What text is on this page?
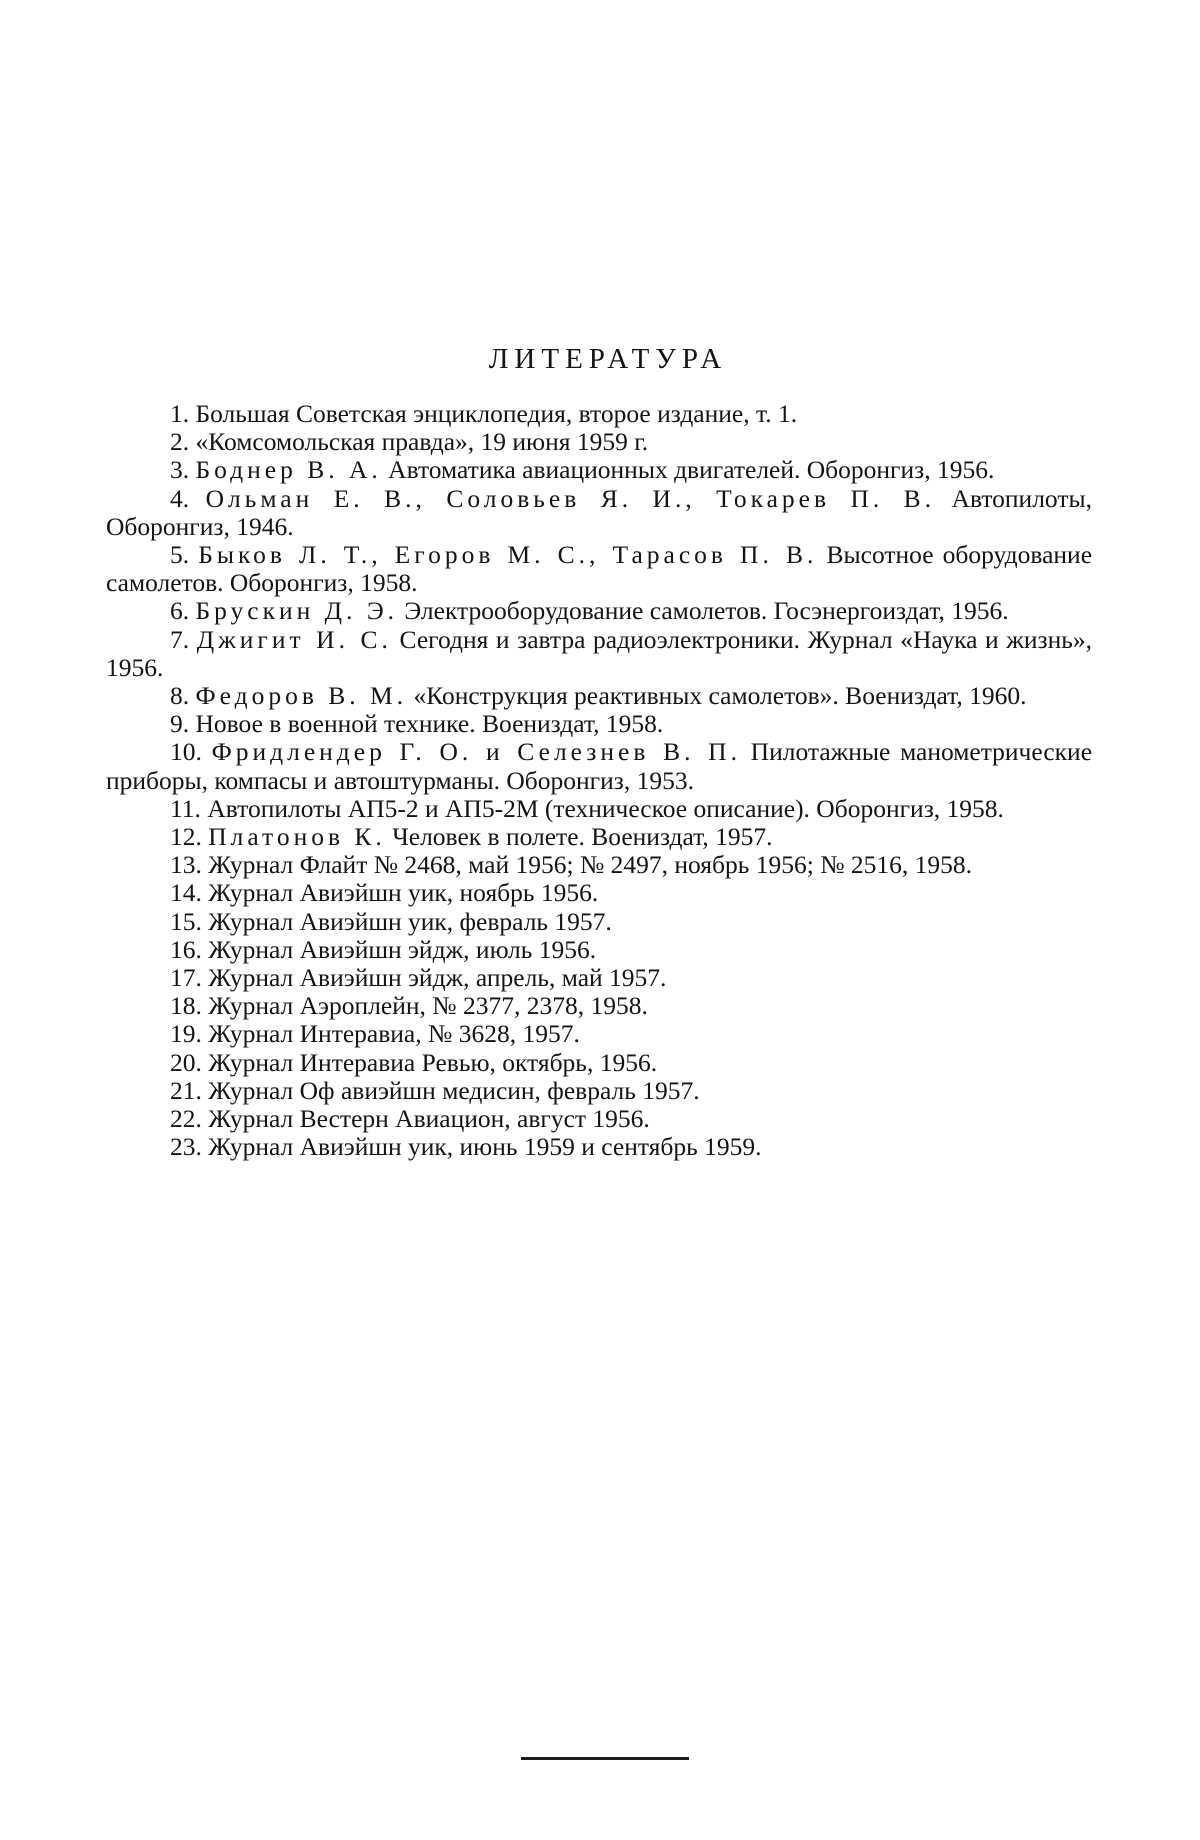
ЛИТЕРАТУРА
1. Большая Советская энциклопедия, второе издание, т. 1.
2. «Комсомольская правда», 19 июня 1959 г.
3. Боднер В. А. Автоматика авиационных двигателей. Оборонгиз, 1956.
4. Ольман Е. В., Соловьев Я. И., Токарев П. В. Автопилоты, Оборонгиз, 1946.
5. Быков Л. Т., Егоров М. С., Тарасов П. В. Высотное оборудование самолетов. Оборонгиз, 1958.
6. Брускин Д. Э. Электрооборудование самолетов. Госэнергоиздат, 1956.
7. Джигит И. С. Сегодня и завтра радиоэлектроники. Журнал «Наука и жизнь», 1956.
8. Федоров В. М. «Конструкция реактивных самолетов». Воениздат, 1960.
9. Новое в военной технике. Воениздат, 1958.
10. Фридлендер Г. О. и Селезнев В. П. Пилотажные манометрические приборы, компасы и автоштурманы. Оборонгиз, 1953.
11. Автопилоты АП5-2 и АП5-2М (техническое описание). Оборонгиз, 1958.
12. Платонов К. Человек в полете. Воениздат, 1957.
13. Журнал Флайт № 2468, май 1956; № 2497, ноябрь 1956; № 2516, 1958.
14. Журнал Авиэйшн уик, ноябрь 1956.
15. Журнал Авиэйшн уик, февраль 1957.
16. Журнал Авиэйшн эйдж, июль 1956.
17. Журнал Авиэйшн эйдж, апрель, май 1957.
18. Журнал Аэроплейн, № 2377, 2378, 1958.
19. Журнал Интеравиа, № 3628, 1957.
20. Журнал Интеравиа Ревью, октябрь, 1956.
21. Журнал Оф авиэйшн медисин, февраль 1957.
22. Журнал Вестерн Авиацион, август 1956.
23. Журнал Авиэйшн уик, июнь 1959 и сентябрь 1959.
